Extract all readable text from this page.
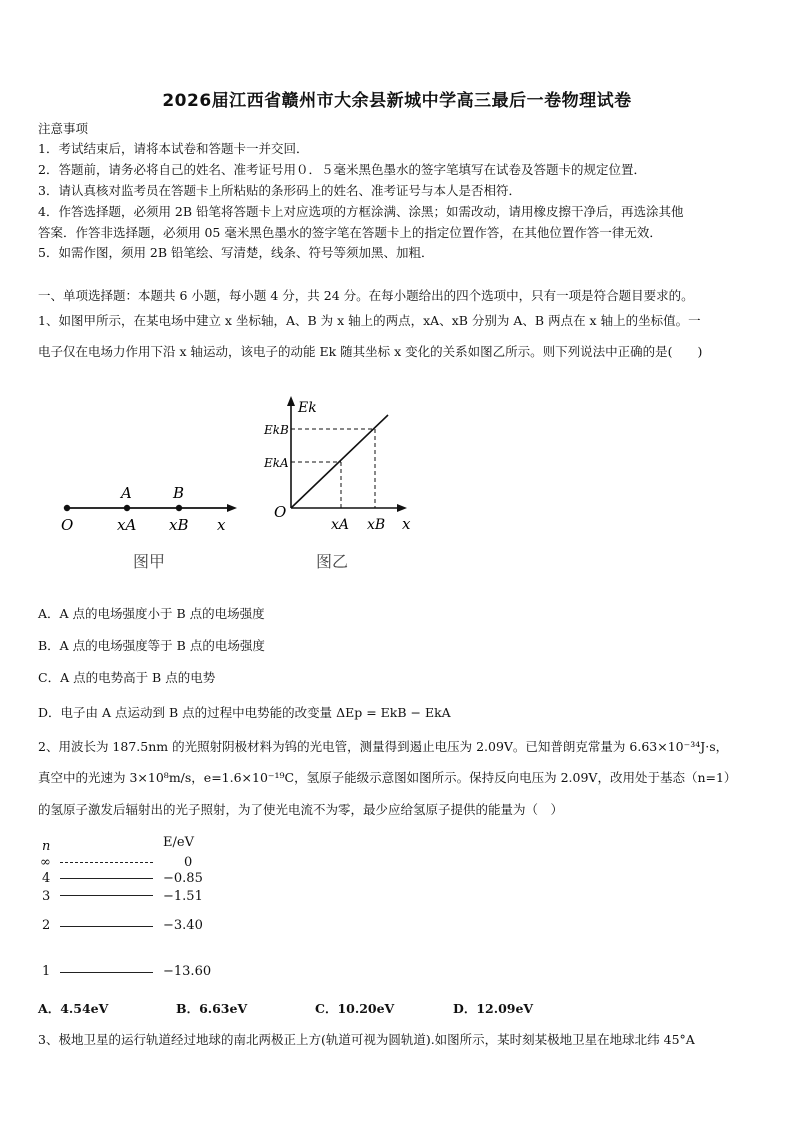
2026届江西省赣州市大余县新城中学高三最后一卷物理试卷
注意事项
1．考试结束后，请将本试卷和答题卡一并交回．
2．答题前，请务必将自己的姓名、准考证号用０．５毫米黑色墨水的签字笔填写在试卷及答题卡的规定位置．
3．请认真核对监考员在答题卡上所粘贴的条形码上的姓名、准考证号与本人是否相符．
4．作答选择题，必须用 2B 铅笔将答题卡上对应选项的方框涂满、涂黑；如需改动，请用橡皮擦干净后，再选涂其他
答案．作答非选择题，必须用 05 毫米黑色墨水的签字笔在答题卡上的指定位置作答，在其他位置作答一律无效．
5．如需作图，须用 2B 铅笔绘、写清楚，线条、符号等须加黑、加粗．
一、单项选择题：本题共 6 小题，每小题 4 分，共 24 分。在每小题给出的四个选项中，只有一项是符合题目要求的。
1、如图甲所示，在某电场中建立 x 坐标轴，A、B 为 x 轴上的两点，xA、xB 分别为 A、B 两点在 x 轴上的坐标值。一
电子仅在电场力作用下沿 x 轴运动，该电子的动能 Ek 随其坐标 x 变化的关系如图乙所示。则下列说法中正确的是(　　)
A	B
O	xA xB x
图甲
Ek
EkB
EkA
O
xA xB x
图乙
A．A 点的电场强度小于 B 点的电场强度
B．A 点的电场强度等于 B 点的电场强度
C．A 点的电势高于 B 点的电势
D．电子由 A 点运动到 B 点的过程中电势能的改变量 ΔEp = EkB − EkA
2、用波长为 187.5nm 的光照射阴极材料为钨的光电管，测量得到遏止电压为 2.09V。已知普朗克常量为 6.63×10⁻³⁴J·s，
真空中的光速为 3×10⁸m/s，e=1.6×10⁻¹⁹C，氢原子能级示意图如图所示。保持反向电压为 2.09V，改用处于基态（n=1）
的氢原子激发后辐射出的光子照射，为了使光电流不为零，最少应给氢原子提供的能量为（　）
n	E/eV
∞	0
4	−0.85
3	−1.51
2	−3.40
1	−13.60
A．4.54eV	B．6.63eV	C．10.20eV	D．12.09eV
3、极地卫星的运行轨道经过地球的南北两极正上方(轨道可视为圆轨道).如图所示，某时刻某极地卫星在地球北纬 45°A
